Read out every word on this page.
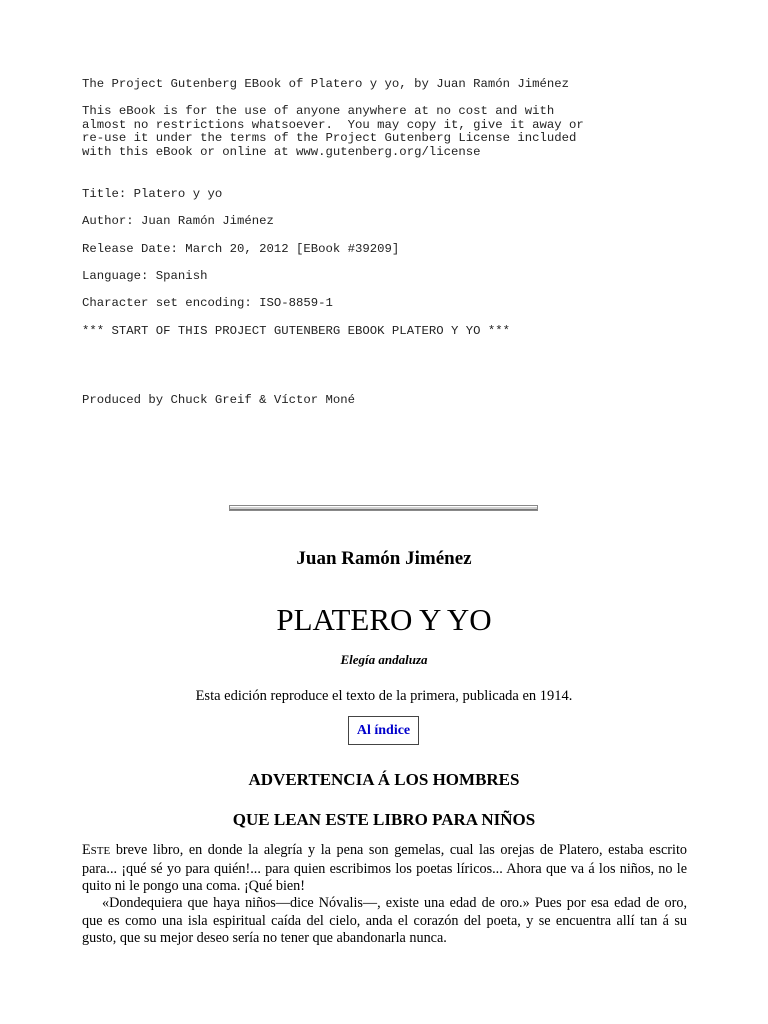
The Project Gutenberg EBook of Platero y yo, by Juan Ramón Jiménez
This eBook is for the use of anyone anywhere at no cost and with
almost no restrictions whatsoever.  You may copy it, give it away or
re-use it under the terms of the Project Gutenberg License included
with this eBook or online at www.gutenberg.org/license
Title: Platero y yo
Author: Juan Ramón Jiménez
Release Date: March 20, 2012 [EBook #39209]
Language: Spanish
Character set encoding: ISO-8859-1
*** START OF THIS PROJECT GUTENBERG EBOOK PLATERO Y YO ***
Produced by Chuck Greif & Víctor Moné
Juan Ramón Jiménez
PLATERO Y YO
Elegía andaluza
Esta edición reproduce el texto de la primera, publicada en 1914.
Al índice
ADVERTENCIA Á LOS HOMBRES
QUE LEAN ESTE LIBRO PARA NIÑOS

ESTE breve libro, en donde la alegría y la pena son gemelas, cual las orejas de Platero, estaba escrito para... ¡qué sé yo para quién!... para quien escribimos los poetas líricos... Ahora que va á los niños, no le quito ni le pongo una coma. ¡Qué bien!

«Dondequiera que haya niños—dice Nóvalis—, existe una edad de oro.» Pues por esa edad de oro, que es como una isla espiritual caída del cielo, anda el corazón del poeta, y se encuentra allí tan á su gusto, que su mejor deseo sería no tener que abandonarla nunca.
